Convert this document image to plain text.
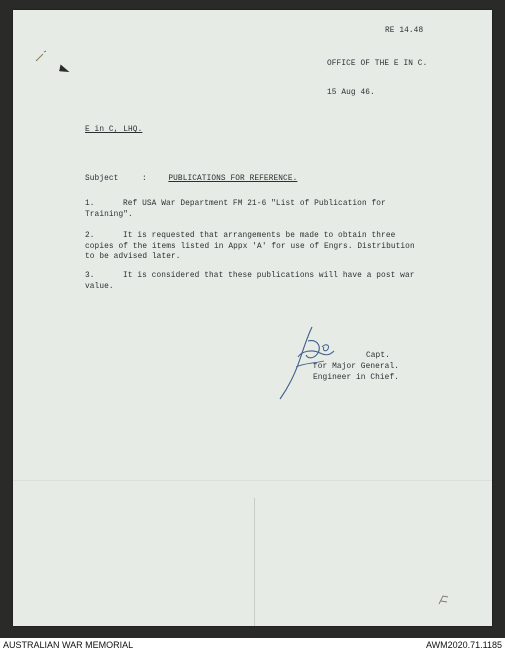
RE 14.48
OFFICE OF THE E IN C.
15 Aug 46.
E in C, LHQ.
Subject	:	PUBLICATIONS FOR REFERENCE.
1.	Ref USA War Department FM 21-6 "List of Publication for Training".
2.	It is requested that arrangements be made to obtain three copies of the items listed in Appx 'A' for use of Engrs. Distribution to be advised later.
3.	It is considered that these publications will have a post war value.
Capt.
for Major General.
Engineer in Chief.
AUSTRALIAN WAR MEMORIAL	AWM2020.71.1185
